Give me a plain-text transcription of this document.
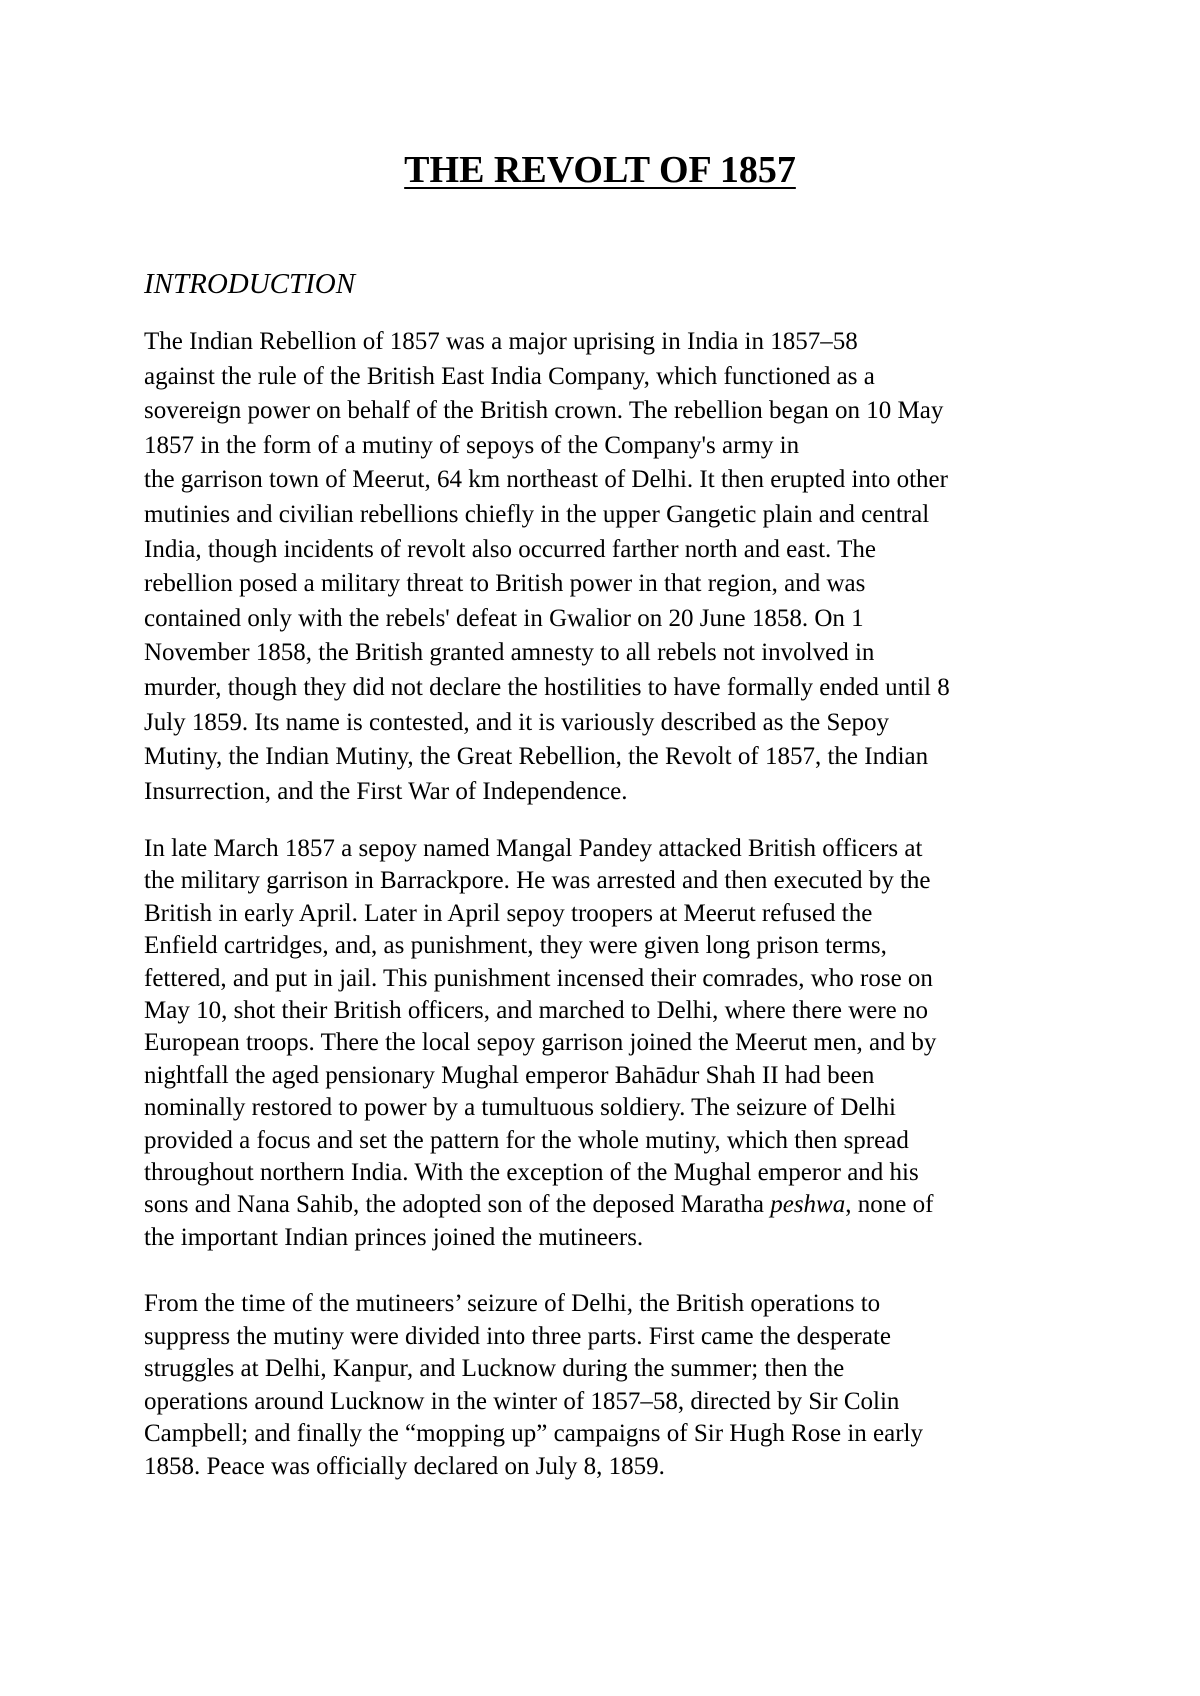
THE REVOLT OF 1857
INTRODUCTION

The Indian Rebellion of 1857 was a major uprising in India in 1857–58
against the rule of the British East India Company, which functioned as a
sovereign power on behalf of the British crown. The rebellion began on 10 May
1857 in the form of a mutiny of sepoys of the Company's army in
the garrison town of Meerut, 64 km northeast of Delhi. It then erupted into other
mutinies and civilian rebellions chiefly in the upper Gangetic plain and central
India, though incidents of revolt also occurred farther north and east. The
rebellion posed a military threat to British power in that region, and was
contained only with the rebels' defeat in Gwalior on 20 June 1858. On 1
November 1858, the British granted amnesty to all rebels not involved in
murder, though they did not declare the hostilities to have formally ended until 8
July 1859. Its name is contested, and it is variously described as the Sepoy
Mutiny, the Indian Mutiny, the Great Rebellion, the Revolt of 1857, the Indian
Insurrection, and the First War of Independence.

In late March 1857 a sepoy named Mangal Pandey attacked British officers at
the military garrison in Barrackpore. He was arrested and then executed by the
British in early April. Later in April sepoy troopers at Meerut refused the
Enfield cartridges, and, as punishment, they were given long prison terms,
fettered, and put in jail. This punishment incensed their comrades, who rose on
May 10, shot their British officers, and marched to Delhi, where there were no
European troops. There the local sepoy garrison joined the Meerut men, and by
nightfall the aged pensionary Mughal emperor Bahādur Shah II had been
nominally restored to power by a tumultuous soldiery. The seizure of Delhi
provided a focus and set the pattern for the whole mutiny, which then spread
throughout northern India. With the exception of the Mughal emperor and his
sons and Nana Sahib, the adopted son of the deposed Maratha peshwa, none of
the important Indian princes joined the mutineers.

From the time of the mutineers’ seizure of Delhi, the British operations to
suppress the mutiny were divided into three parts. First came the desperate
struggles at Delhi, Kanpur, and Lucknow during the summer; then the
operations around Lucknow in the winter of 1857–58, directed by Sir Colin
Campbell; and finally the “mopping up” campaigns of Sir Hugh Rose in early
1858. Peace was officially declared on July 8, 1859.
